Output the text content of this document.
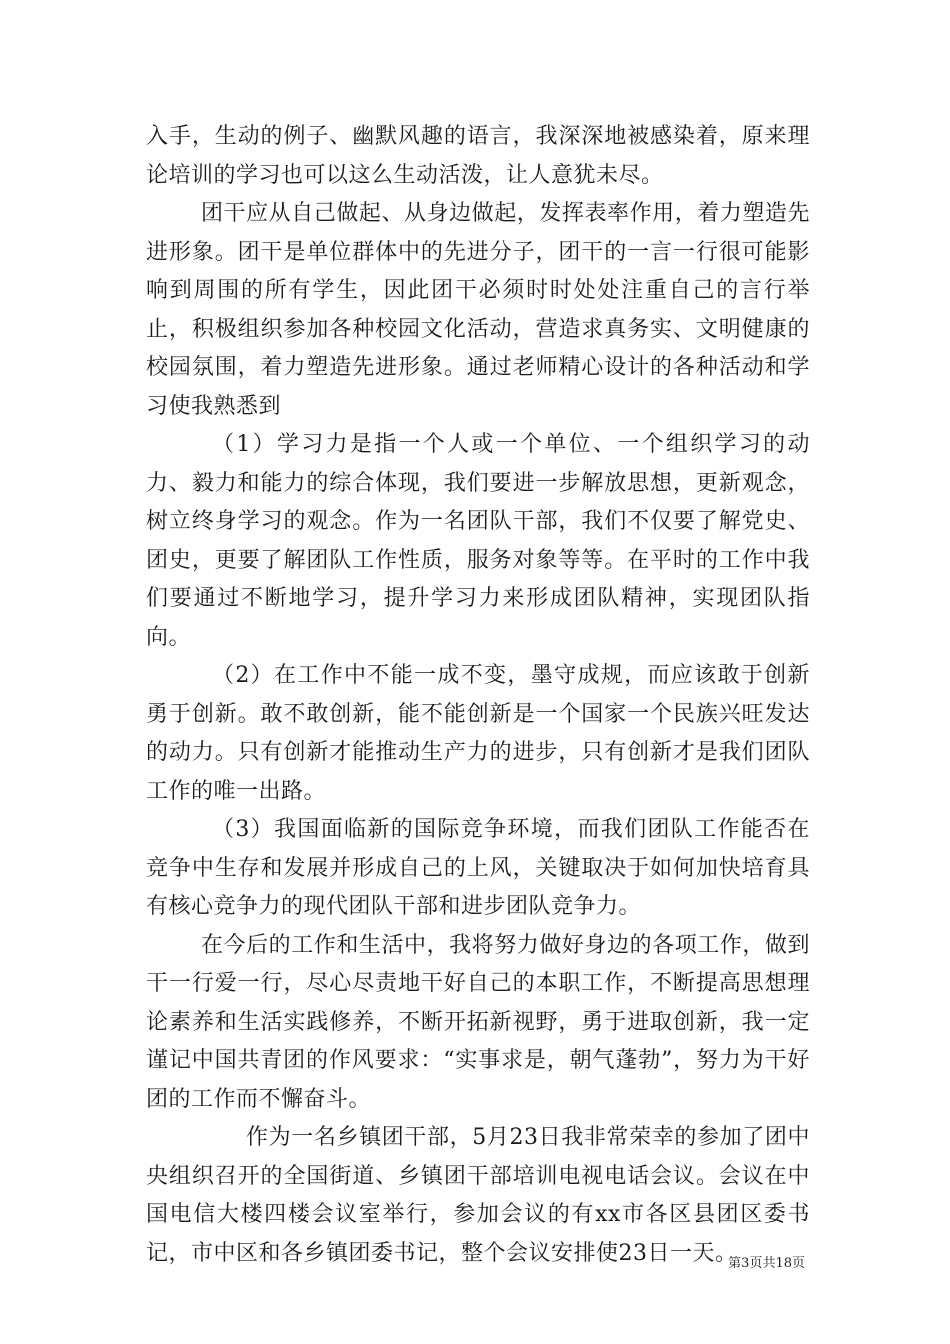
入手，生动的例子、幽默风趣的语言，我深深地被感染着，原来理论培训的学习也可以这么生动活泼，让人意犹未尽。

团干应从自己做起、从身边做起，发挥表率作用，着力塑造先进形象。团干是单位群体中的先进分子，团干的一言一行很可能影响到周围的所有学生，因此团干必须时时处处注重自己的言行举止，积极组织参加各种校园文化活动，营造求真务实、文明健康的校园氛围，着力塑造先进形象。通过老师精心设计的各种活动和学习使我熟悉到

（1）学习力是指一个人或一个单位、一个组织学习的动力、毅力和能力的综合体现，我们要进一步解放思想，更新观念，树立终身学习的观念。作为一名团队干部，我们不仅要了解党史、团史，更要了解团队工作性质，服务对象等等。在平时的工作中我们要通过不断地学习，提升学习力来形成团队精神，实现团队指向。

（2）在工作中不能一成不变，墨守成规，而应该敢于创新勇于创新。敢不敢创新，能不能创新是一个国家一个民族兴旺发达的动力。只有创新才能推动生产力的进步，只有创新才是我们团队工作的唯一出路。

（3）我国面临新的国际竞争环境，而我们团队工作能否在竞争中生存和发展并形成自己的上风，关键取决于如何加快培育具有核心竞争力的现代团队干部和进步团队竞争力。

在今后的工作和生活中，我将努力做好身边的各项工作，做到干一行爱一行，尽心尽责地干好自己的本职工作，不断提高思想理论素养和生活实践修养，不断开拓新视野，勇于进取创新，我一定谨记中国共青团的作风要求：“实事求是，朝气蓬勃”，努力为干好团的工作而不懈奋斗。

作为一名乡镇团干部，5月23日我非常荣幸的参加了团中央组织召开的全国街道、乡镇团干部培训电视电话会议。会议在中国电信大楼四楼会议室举行，参加会议的有xx市各区县团区委书记，市中区和各乡镇团委书记，整个会议安排使23日一天。

第3页共18页
